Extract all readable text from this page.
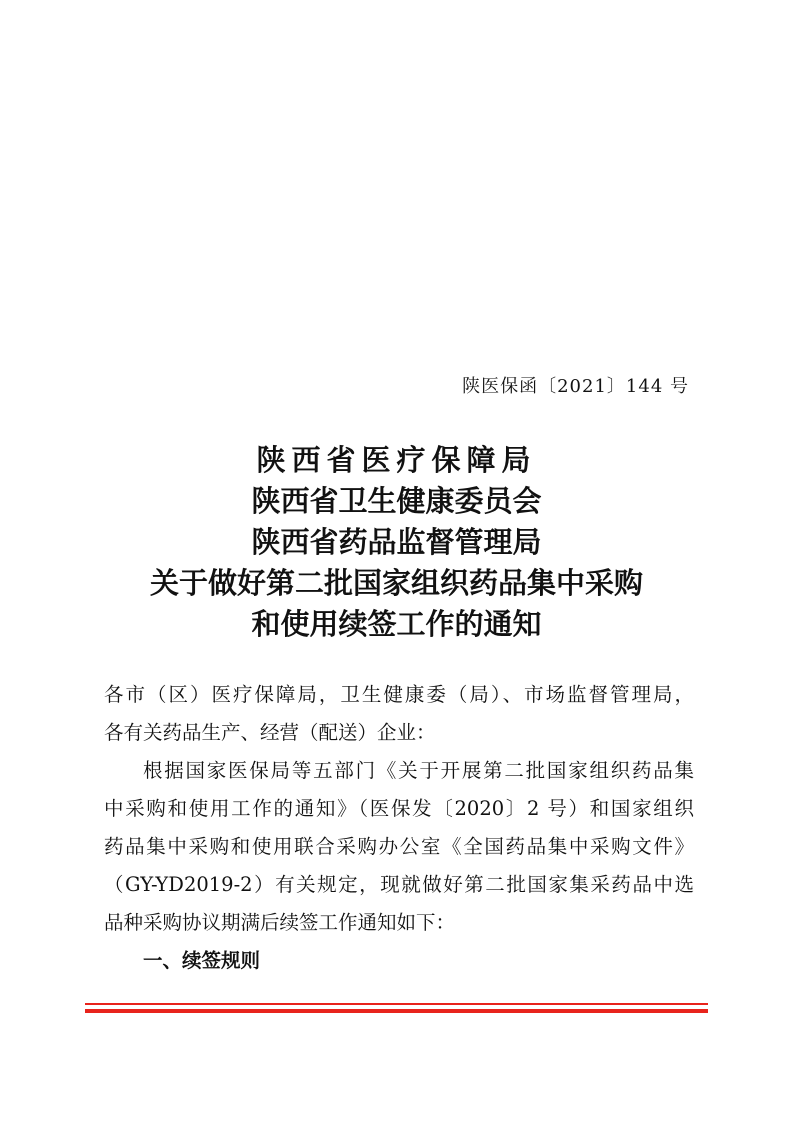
陕医保函〔2021〕144 号
陕西省医疗保障局
陕西省卫生健康委员会
陕西省药品监督管理局
关于做好第二批国家组织药品集中采购
和使用续签工作的通知
各市（区）医疗保障局，卫生健康委（局）、市场监督管理局，
各有关药品生产、经营（配送）企业：
根据国家医保局等五部门《关于开展第二批国家组织药品集
中采购和使用工作的通知》（医保发〔2020〕2 号）和国家组织
药品集中采购和使用联合采购办公室《全国药品集中采购文件》
（GY-YD2019-2）有关规定，现就做好第二批国家集采药品中选
品种采购协议期满后续签工作通知如下：
一、续签规则
